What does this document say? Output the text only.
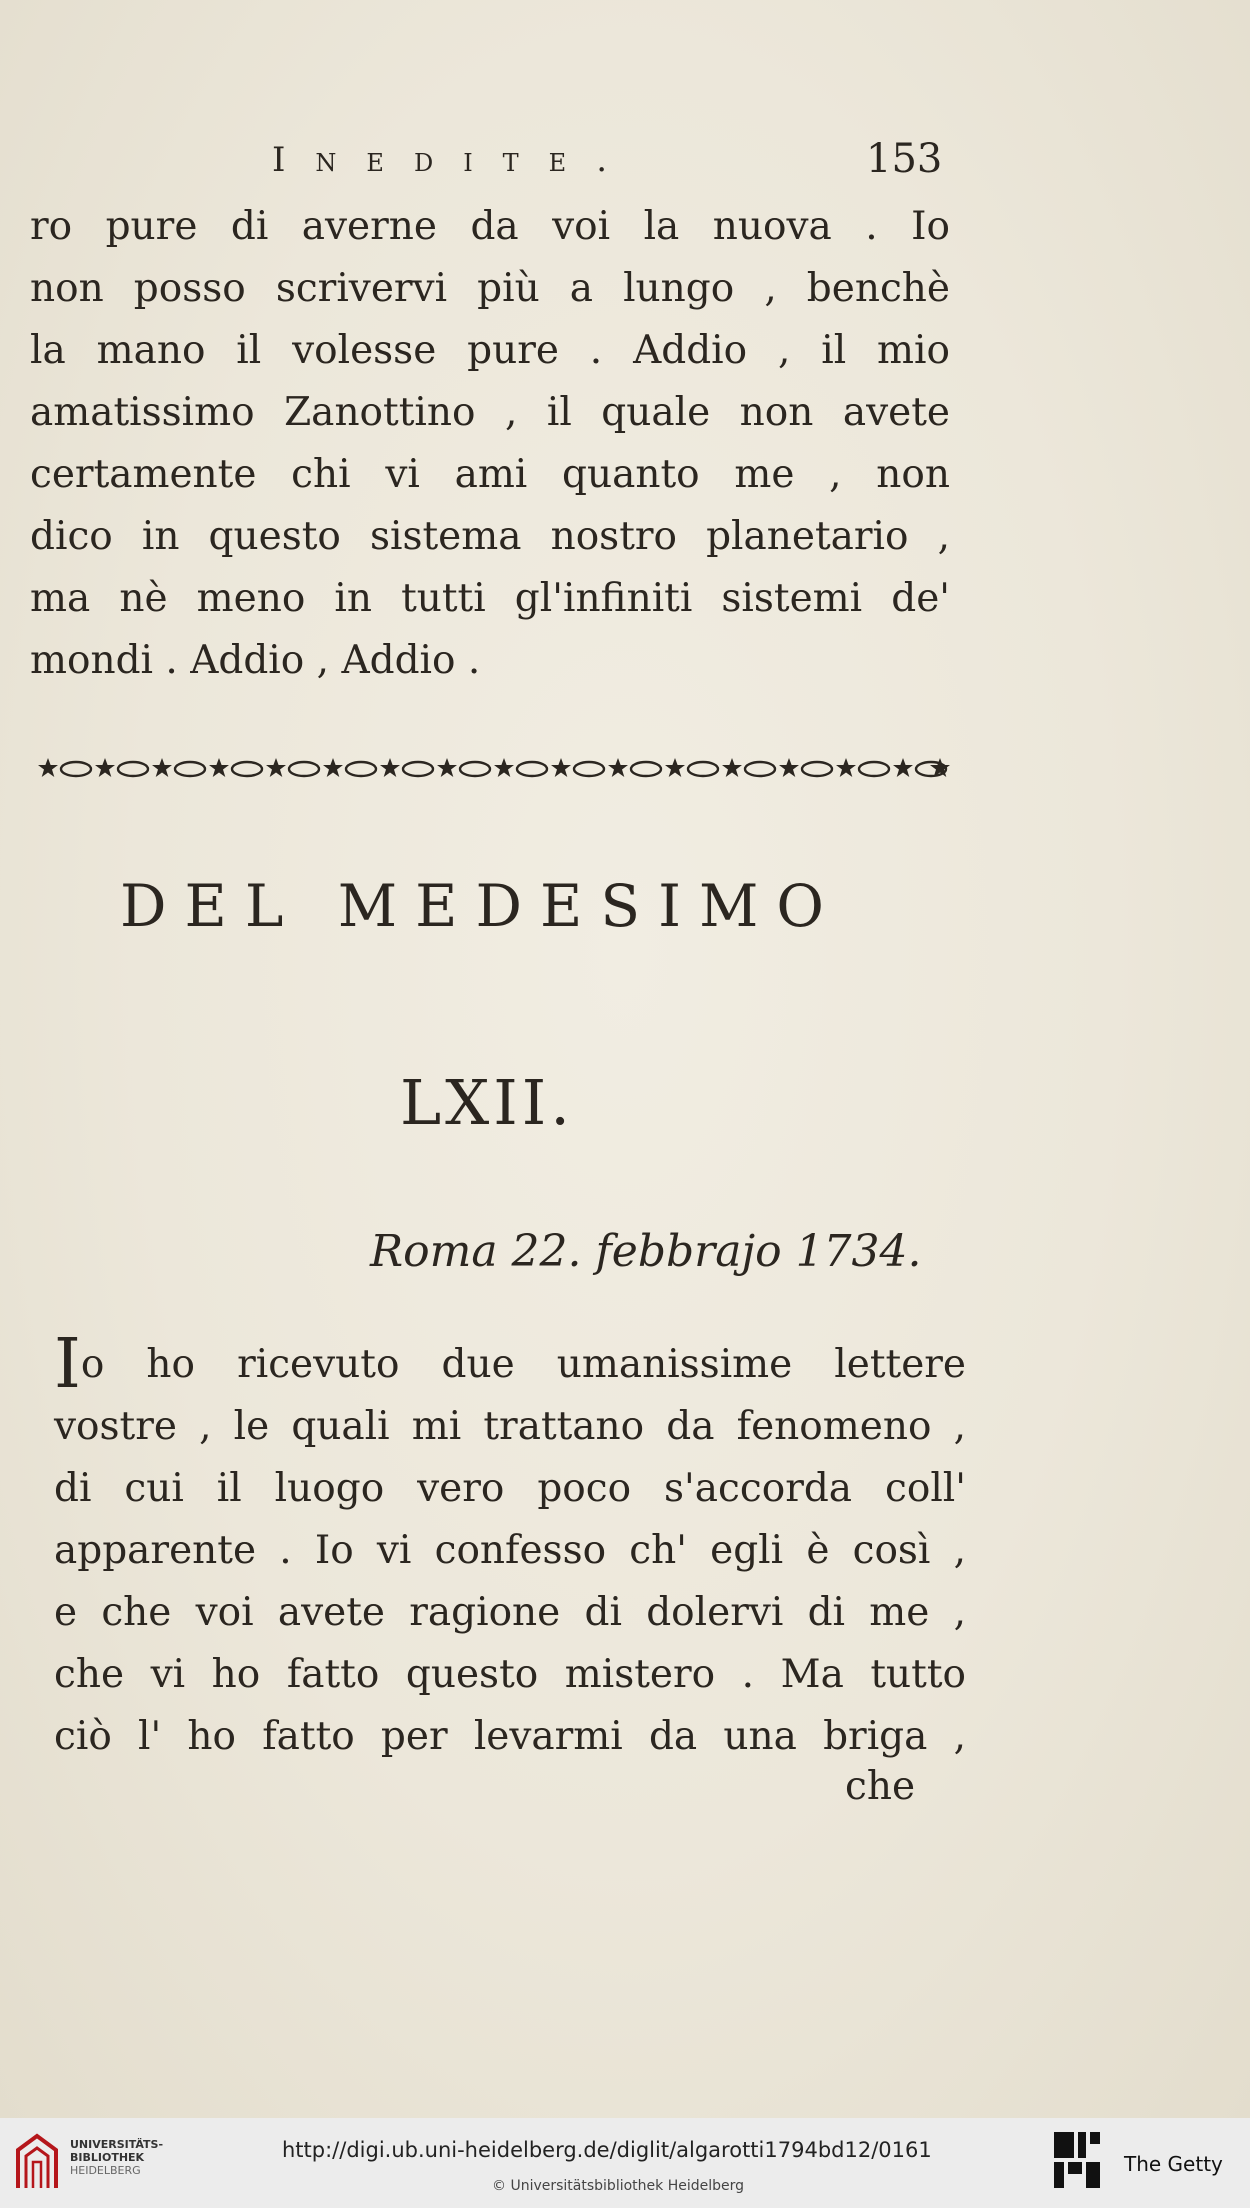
Inedite.	153
ro pure di averne da voi la nuova . Io
non posso scrivervi più a lungo , benchè
la mano il volesse pure . Addio , il mio
amatissimo Zanottino , il quale non avete
certamente chi vi ami quanto me , non
dico in questo sistema nostro planetario ,
ma nè meno in tutti gl'infiniti sistemi de'
mondi . Addio , Addio .
DEL MEDESIMO
LXII.
Roma 22. febbrajo 1734.
Io ho ricevuto due umanissime lettere
vostre , le quali mi trattano da fenomeno ,
di cui il luogo vero poco s'accorda coll'
apparente . Io vi confesso ch' egli è così ,
e che voi avete ragione di dolervi di me ,
che vi ho fatto questo mistero . Ma tutto
ciò l' ho fatto per levarmi da una briga ,
che
UNIVERSITÄTS-
BIBLIOTHEK
HEIDELBERG
http://digi.ub.uni-heidelberg.de/diglit/algarotti1794bd12/0161
© Universitätsbibliothek Heidelberg
The Getty
